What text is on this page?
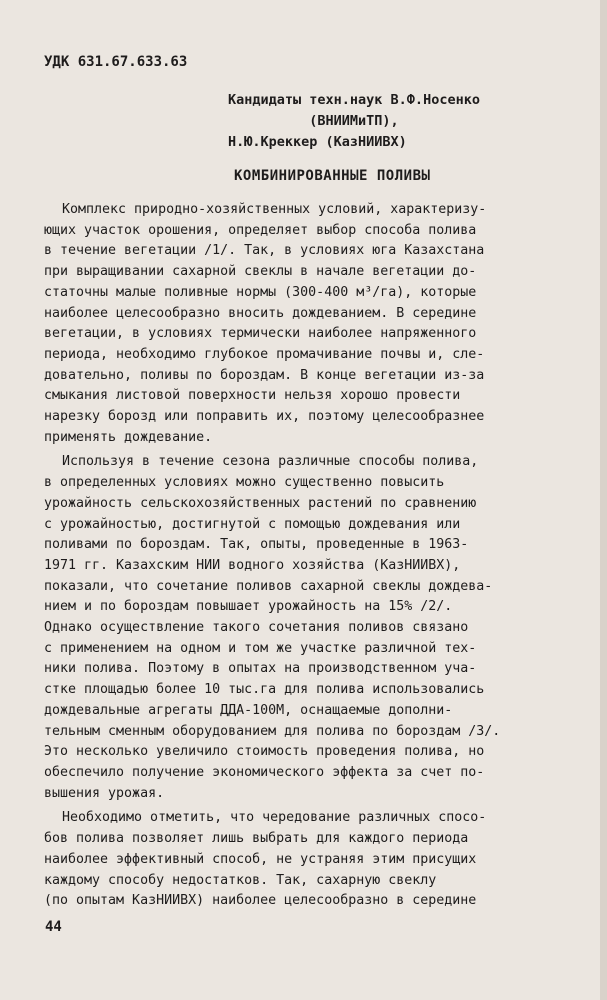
УДК 631.67.633.63
Кандидаты техн.наук В.Ф.Носенко
(ВНИИМиТП),
Н.Ю.Креккер (КазНИИВХ)
КОМБИНИРОВАННЫЕ ПОЛИВЫ
Комплекс природно-хозяйственных условий, характеризу-
ющих участок орошения, определяет выбор способа полива
в течение вегетации /1/. Так, в условиях юга Казахстана
при выращивании сахарной свеклы в начале вегетации до-
статочны малые поливные нормы (300-400 м³/га), которые
наиболее целесообразно вносить дождеванием. В середине
вегетации, в условиях термически наиболее напряженного
периода, необходимо глубокое промачивание почвы и, сле-
довательно, поливы по бороздам. В конце вегетации из-за
смыкания листовой поверхности нельзя хорошо провести
нарезку борозд или поправить их, поэтому целесообразнее
применять дождевание.
Используя в течение сезона различные способы полива,
в определенных условиях можно существенно повысить
урожайность сельскохозяйственных растений по сравнению
с урожайностью, достигнутой с помощью дождевания или
поливами по бороздам. Так, опыты, проведенные в 1963-
1971 гг. Казахским НИИ водного хозяйства (КазНИИВХ),
показали, что сочетание поливов сахарной свеклы дождева-
нием и по бороздам повышает урожайность на 15% /2/.
Однако осуществление такого сочетания поливов связано
с применением на одном и том же участке различной тех-
ники полива. Поэтому в опытах на производственном уча-
стке площадью более 10 тыс.га для полива использовались
дождевальные агрегаты ДДА-100М, оснащаемые дополни-
тельным сменным оборудованием для полива по бороздам /3/.
Это несколько увеличило стоимость проведения полива, но
обеспечило получение экономического эффекта за счет по-
вышения урожая.
Необходимо отметить, что чередование различных спосо-
бов полива позволяет лишь выбрать для каждого периода
наиболее эффективный способ, не устраняя этим присущих
каждому способу недостатков. Так, сахарную свеклу
(по опытам КазНИИВХ) наиболее целесообразно в середине
44
